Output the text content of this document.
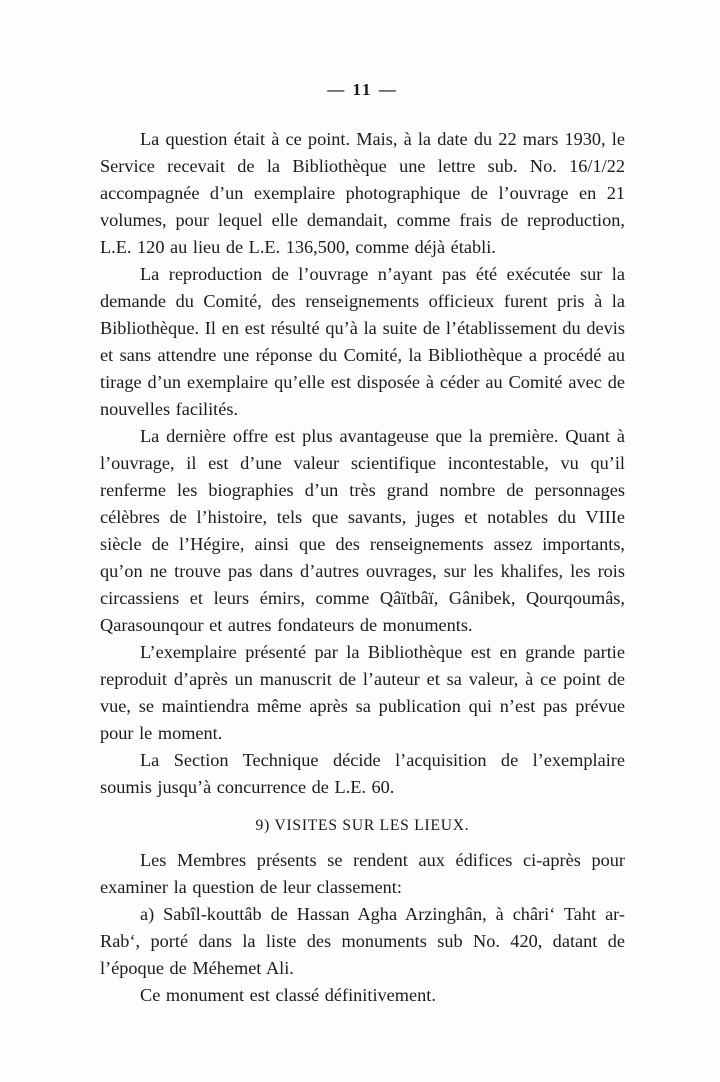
— 11 —

La question était à ce point. Mais, à la date du 22 mars 1930, le Service recevait de la Bibliothèque une lettre sub. No. 16/1/22 accompagnée d’un exemplaire photographique de l’ouvrage en 21 volumes, pour lequel elle demandait, comme frais de reproduction, L.E. 120 au lieu de L.E. 136,500, comme déjà établi.

La reproduction de l’ouvrage n’ayant pas été exécutée sur la demande du Comité, des renseignements officieux furent pris à la Bibliothèque. Il en est résulté qu’à la suite de l’établissement du devis et sans attendre une réponse du Comité, la Bibliothèque a procédé au tirage d’un exemplaire qu’elle est disposée à céder au Comité avec de nouvelles facilités.

La dernière offre est plus avantageuse que la première. Quant à l’ouvrage, il est d’une valeur scientifique incontestable, vu qu’il renferme les biographies d’un très grand nombre de personnages célèbres de l’histoire, tels que savants, juges et notables du VIIIe siècle de l’Hégire, ainsi que des renseignements assez importants, qu’on ne trouve pas dans d’autres ouvrages, sur les khalifes, les rois circassiens et leurs émirs, comme Qâïtbâï, Gânibek, Qourqoumâs, Qarasounqour et autres fondateurs de monuments.

L’exemplaire présenté par la Bibliothèque est en grande partie reproduit d’après un manuscrit de l’auteur et sa valeur, à ce point de vue, se maintiendra même après sa publication qui n’est pas prévue pour le moment.

La Section Technique décide l’acquisition de l’exemplaire soumis jusqu’à concurrence de L.E. 60.

9) VISITES SUR LES LIEUX.

Les Membres présents se rendent aux édifices ci-après pour examiner la question de leur classement:

a) Sabîl-kouttâb de Hassan Agha Arzinghân, à châri‘ Taht ar-Rab‘, porté dans la liste des monuments sub No. 420, datant de l’époque de Méhemet Ali.

Ce monument est classé définitivement.
